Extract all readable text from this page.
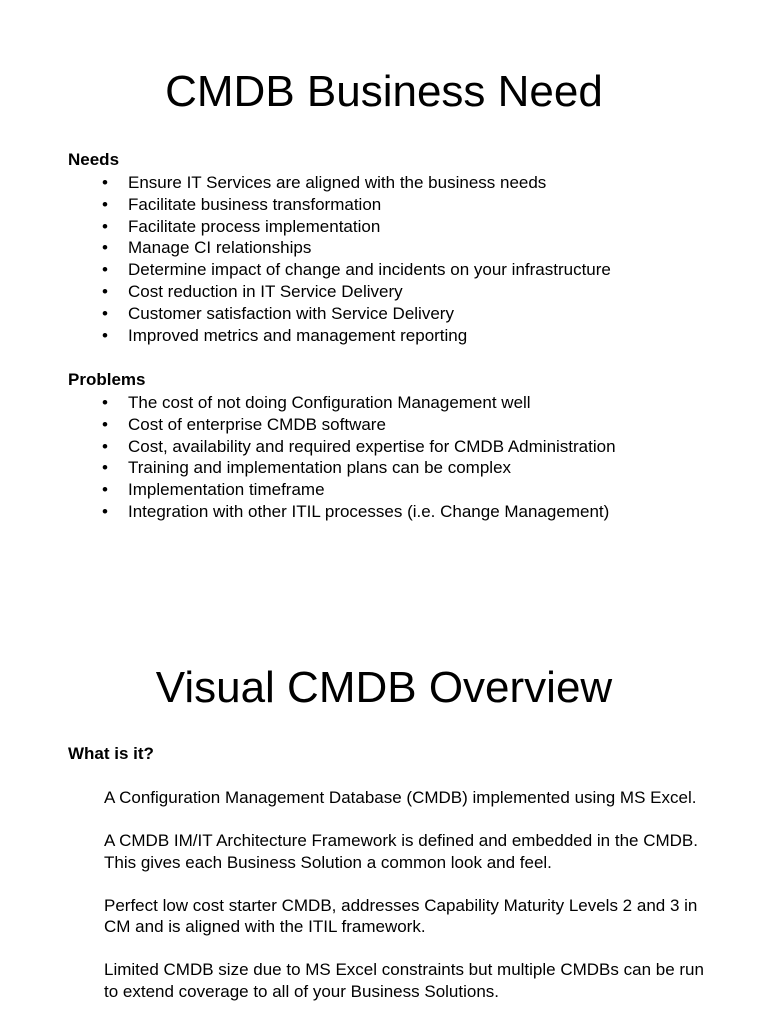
CMDB Business Need
Needs
• Ensure IT Services are aligned with the business needs
• Facilitate business transformation
• Facilitate process implementation
• Manage CI relationships
• Determine impact of change and incidents on your infrastructure
• Cost reduction in IT Service Delivery
• Customer satisfaction with Service Delivery
• Improved metrics and management reporting
Problems
• The cost of not doing Configuration Management well
• Cost of enterprise CMDB software
• Cost, availability and required expertise for CMDB Administration
• Training and implementation plans can be complex
• Implementation timeframe
• Integration with other ITIL processes (i.e. Change Management)
Visual CMDB Overview
What is it?

A Configuration Management Database (CMDB) implemented using MS Excel.

A CMDB IM/IT Architecture Framework is defined and embedded in the CMDB. This gives each Business Solution a common look and feel.

Perfect low cost starter CMDB, addresses Capability Maturity Levels 2 and 3 in CM and is aligned with the ITIL framework.

Limited CMDB size due to MS Excel constraints but multiple CMDBs can be run to extend coverage to all of your Business Solutions.
